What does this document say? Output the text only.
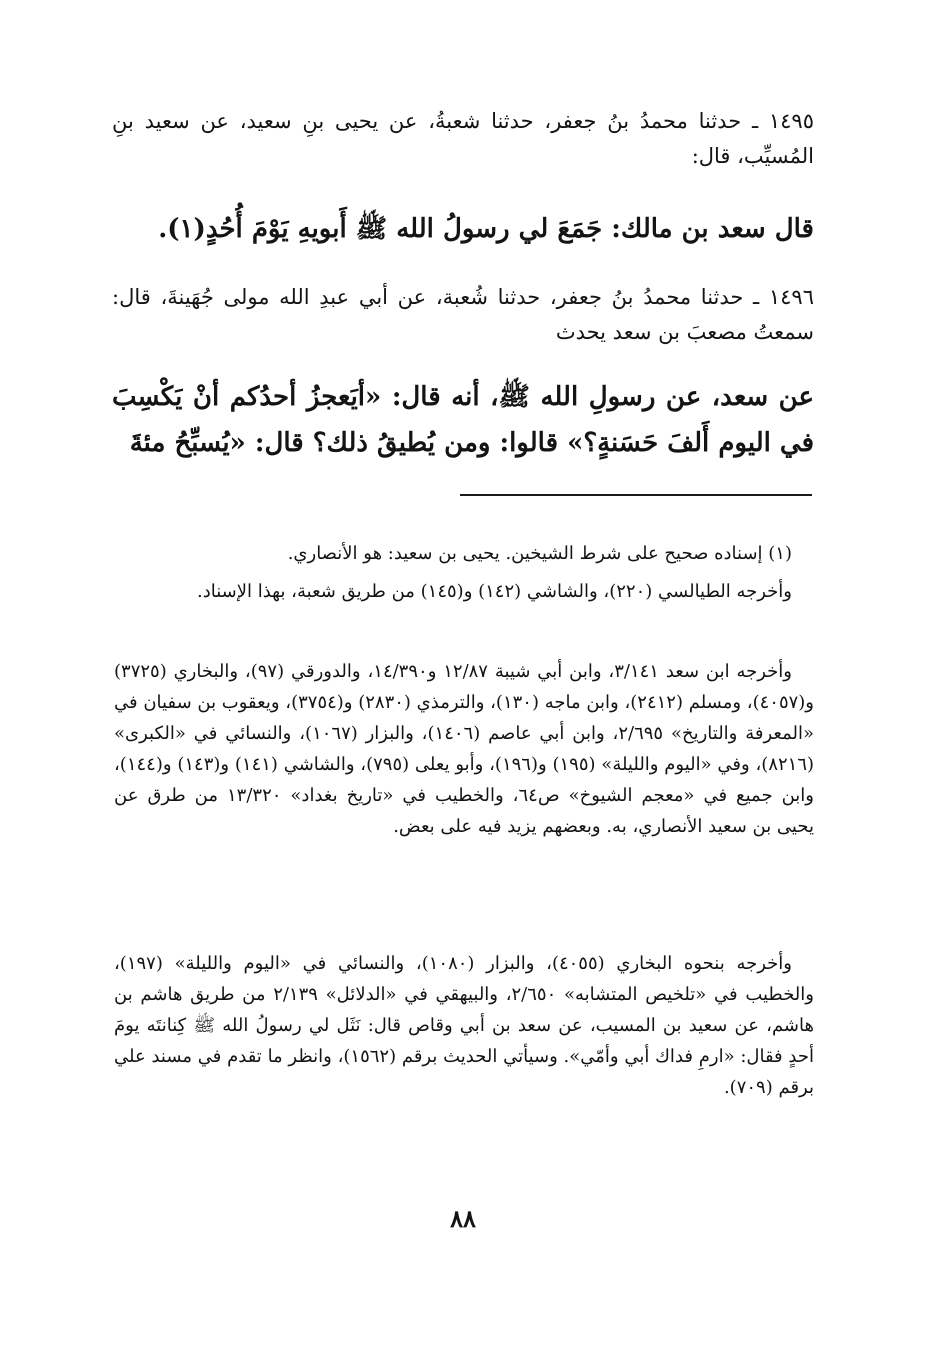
١٤٩٥ ـ حدثنا محمدُ بنُ جعفر، حدثنا شعبةُ، عن يحيى بنِ سعيد، عن سعيد بنِ المُسيِّب، قال:

قال سعد بن مالك: جَمَعَ لي رسولُ الله ﷺ أَبويهِ يَوْمَ أُحُدٍ(١).

١٤٩٦ ـ حدثنا محمدُ بنُ جعفر، حدثنا شُعبة، عن أبي عبدِ الله مولى جُهَينةَ، قال: سمعتُ مصعبَ بن سعد يحدث

عن سعد، عن رسولِ الله ﷺ، أنه قال: «أيَعجزُ أحدُكم أنْ يَكْسِبَ في اليوم أَلفَ حَسَنةٍ؟» قالوا: ومن يُطيقُ ذلك؟ قال: «يُسبِّحُ مئةَ

(١) إسناده صحيح على شرط الشيخين. يحيى بن سعيد: هو الأنصاري.

وأخرجه الطيالسي (٢٢٠)، والشاشي (١٤٢) و(١٤٥) من طريق شعبة، بهذا الإسناد.

وأخرجه ابن سعد ٣/١٤١، وابن أبي شيبة ١٢/٨٧ و١٤/٣٩٠، والدورقي (٩٧)، والبخاري (٣٧٢٥) و(٤٠٥٧)، ومسلم (٢٤١٢)، وابن ماجه (١٣٠)، والترمذي (٢٨٣٠) و(٣٧٥٤)، ويعقوب بن سفيان في «المعرفة والتاريخ» ٢/٦٩٥، وابن أبي عاصم (١٤٠٦)، والبزار (١٠٦٧)، والنسائي في «الكبرى» (٨٢١٦)، وفي «اليوم والليلة» (١٩٥) و(١٩٦)، وأبو يعلى (٧٩٥)، والشاشي (١٤١) و(١٤٣) و(١٤٤)، وابن جميع في «معجم الشيوخ» ص٦٤، والخطيب في «تاريخ بغداد» ١٣/٣٢٠ من طرق عن يحيى بن سعيد الأنصاري، به. وبعضهم يزيد فيه على بعض.

وأخرجه بنحوه البخاري (٤٠٥٥)، والبزار (١٠٨٠)، والنسائي في «اليوم والليلة» (١٩٧)، والخطيب في «تلخيص المتشابه» ٢/٦٥٠، والبيهقي في «الدلائل» ٢/١٣٩ من طريق هاشم بن هاشم، عن سعيد بن المسيب، عن سعد بن أبي وقاص قال: نَثَل لي رسولُ الله ﷺ كِنانتَه يومَ أحدٍ فقال: «ارمِ فداك أبي وأمّي». وسيأتي الحديث برقم (١٥٦٢)، وانظر ما تقدم في مسند علي برقم (٧٠٩).

٨٨
